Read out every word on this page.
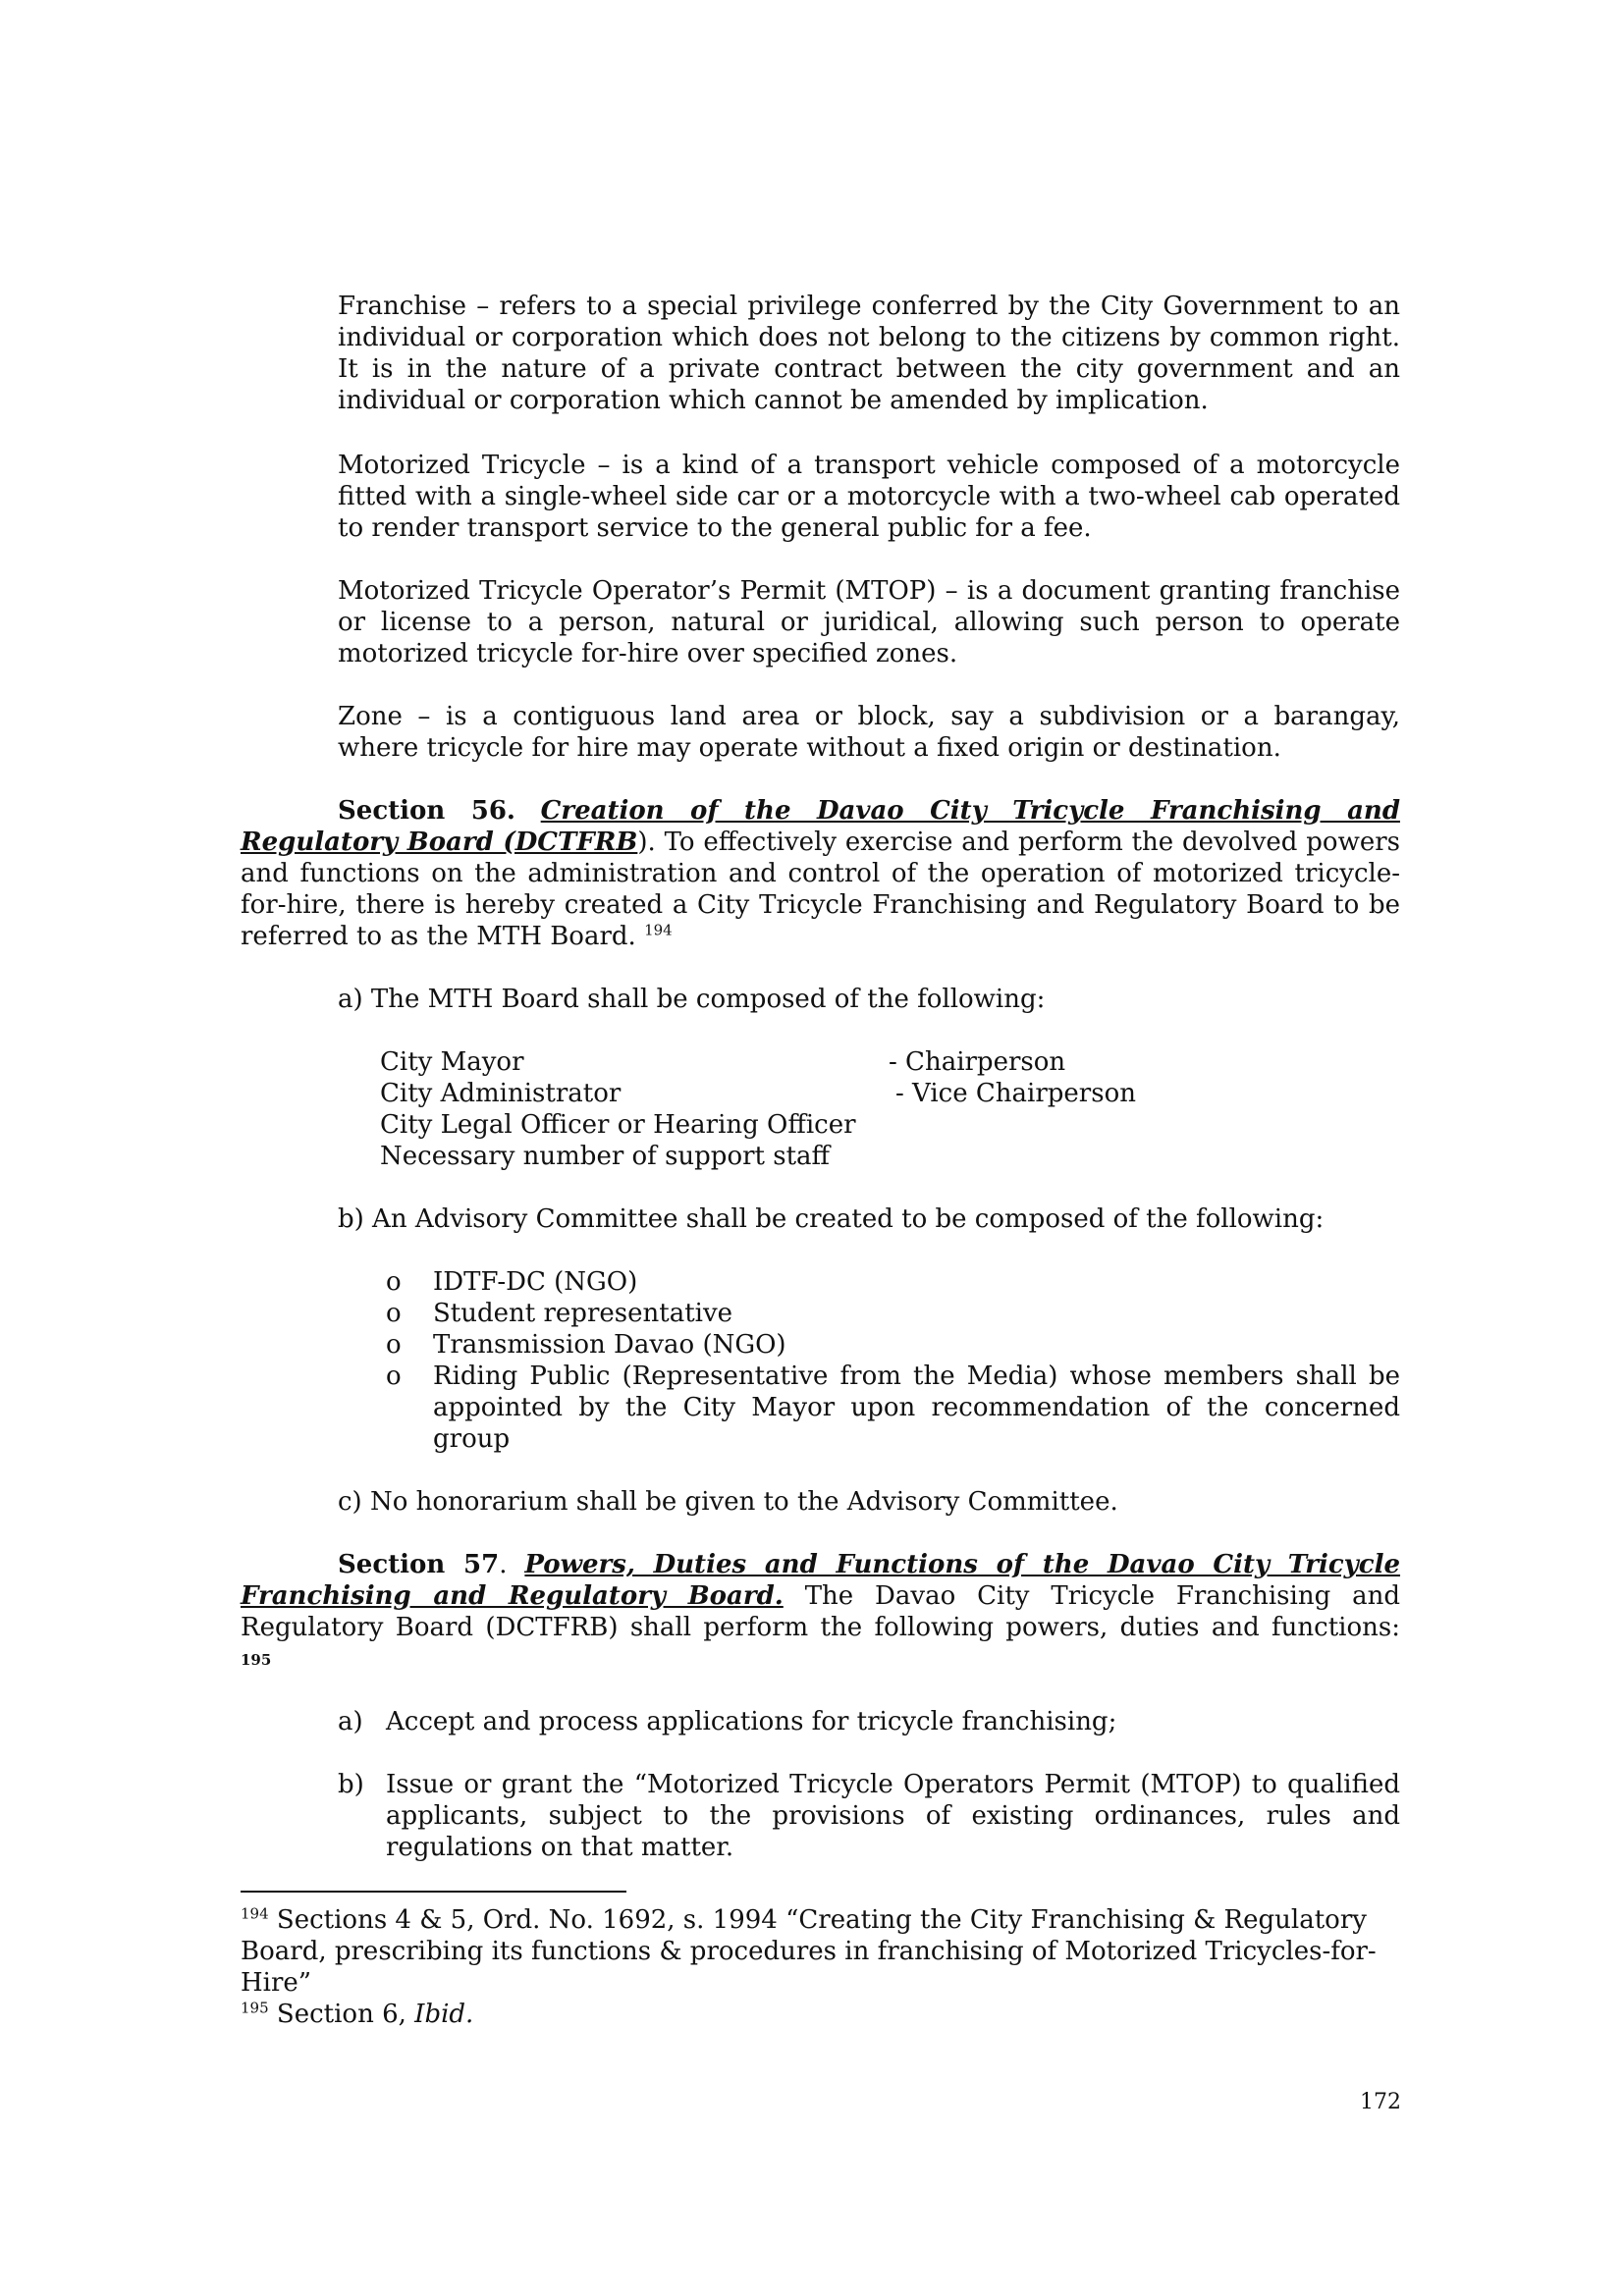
Franchise – refers to a special privilege conferred by the City Government to an
individual or corporation which does not belong to the citizens by common right.
It is in the nature of a private contract between the city government and an
individual or corporation which cannot be amended by implication.
Motorized Tricycle – is a kind of a transport vehicle composed of a motorcycle
fitted with a single-wheel side car or a motorcycle with a two-wheel cab operated
to render transport service to the general public for a fee.
Motorized Tricycle Operator’s Permit (MTOP) – is a document granting franchise
or license to a person, natural or juridical, allowing such person to operate
motorized tricycle for-hire over specified zones.
Zone – is a contiguous land area or block, say a subdivision or a barangay,
where tricycle for hire may operate without a fixed origin or destination.
Section 56. Creation of the Davao City Tricycle Franchising and
Regulatory Board (DCTFRB). To effectively exercise and perform the devolved powers
and functions on the administration and control of the operation of motorized tricycle-
for-hire, there is hereby created a City Tricycle Franchising and Regulatory Board to be
referred to as the MTH Board. $^{194}$
a) The MTH Board shall be composed of the following:
City Mayor	- Chairperson
City Administrator	- Vice Chairperson
City Legal Officer or Hearing Officer
Necessary number of support staff
b) An Advisory Committee shall be created to be composed of the following:
o IDTF-DC (NGO)
o Student representative
o Transmission Davao (NGO)
o Riding Public (Representative from the Media) whose members shall be
appointed by the City Mayor upon recommendation of the concerned
group
c) No honorarium shall be given to the Advisory Committee.
Section 57. Powers, Duties and Functions of the Davao City Tricycle
Franchising and Regulatory Board. The Davao City Tricycle Franchising and
Regulatory Board (DCTFRB) shall perform the following powers, duties and functions:
195
a) Accept and process applications for tricycle franchising;
b) Issue or grant the “Motorized Tricycle Operators Permit (MTOP) to qualified
applicants, subject to the provisions of existing ordinances, rules and
regulations on that matter.
$^{194}$ Sections 4 & 5, Ord. No. 1692, s. 1994 “Creating the City Franchising & Regulatory
Board, prescribing its functions & procedures in franchising of Motorized Tricycles-for-
Hire”
$^{195}$ Section 6, Ibid.
172
